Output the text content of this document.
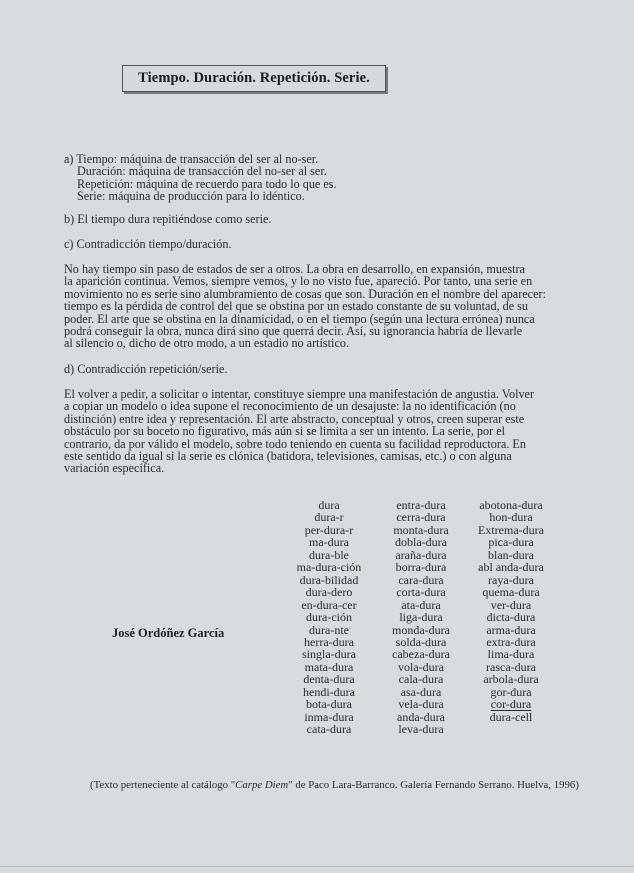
Tiempo. Duración. Repetición. Serie.
a) Tiempo: máquina de transacción del ser al no-ser.
Duración: máquina de transacción del no-ser al ser.
Repetición: máquina de recuerdo para todo lo que es.
Serie: máquina de producción para lo idéntico.
b) El tiempo dura repitiéndose como serie.
c) Contradicción tiempo/duración.
No hay tiempo sin paso de estados de ser a otros. La obra en desarrollo, en expansión, muestra
la aparición continua. Vemos, siempre vemos, y lo no visto fue, apareció. Por tanto, una serie en
movimiento no es serie sino alumbramiento de cosas que son. Duración en el nombre del aparecer:
tiempo es la pérdida de control del que se obstina por un estado constante de su voluntad, de su
poder. El arte que se obstina en la dinamicidad, o en el tiempo (según una lectura errónea) nunca
podrá conseguir la obra, nunca dirá sino que querrá decir. Así, su ignorancia habría de llevarle
al silencio o, dicho de otro modo, a un estadio no artístico.
d) Contradicción repetición/serie.
El volver a pedir, a solicitar o intentar, constituye siempre una manifestación de angustia. Volver
a copiar un modelo o idea supone el reconocimiento de un desajuste: la no identificación (no
distinción) entre idea y representación. El arte abstracto, conceptual y otros, creen superar este
obstáculo por su boceto no figurativo, más aún si se limita a ser un intento. La serie, por el
contrario, da por válido el modelo, sobre todo teniendo en cuenta su facilidad reproductora. En
este sentido da igual si la serie es clónica (batidora, televisiones, camisas, etc.) o con alguna
variación específica.
José Ordóñez García
dura
dura-r
per-dura-r
ma-dura
dura-ble
ma-dura-ción
dura-bilidad
dura-dero
en-dura-cer
dura-ción
dura-nte
herra-dura
singla-dura
mata-dura
denta-dura
hendi-dura
bota-dura
inma-dura
cata-dura
entra-dura
cerra-dura
monta-dura
dobla-dura
araña-dura
borra-dura
cara-dura
corta-dura
ata-dura
liga-dura
monda-dura
solda-dura
cabeza-dura
vola-dura
cala-dura
asa-dura
vela-dura
anda-dura
leva-dura
abotona-dura
hon-dura
Extrema-dura
pica-dura
blan-dura
abl anda-dura
raya-dura
quema-dura
ver-dura
dicta-dura
arma-dura
extra-dura
lima-dura
rasca-dura
arbola-dura
gor-dura
cor-dura
dura-cell
(Texto perteneciente al catálogo "Carpe Diem" de Paco Lara-Barranco. Galería Fernando Serrano. Huelva, 1996)
